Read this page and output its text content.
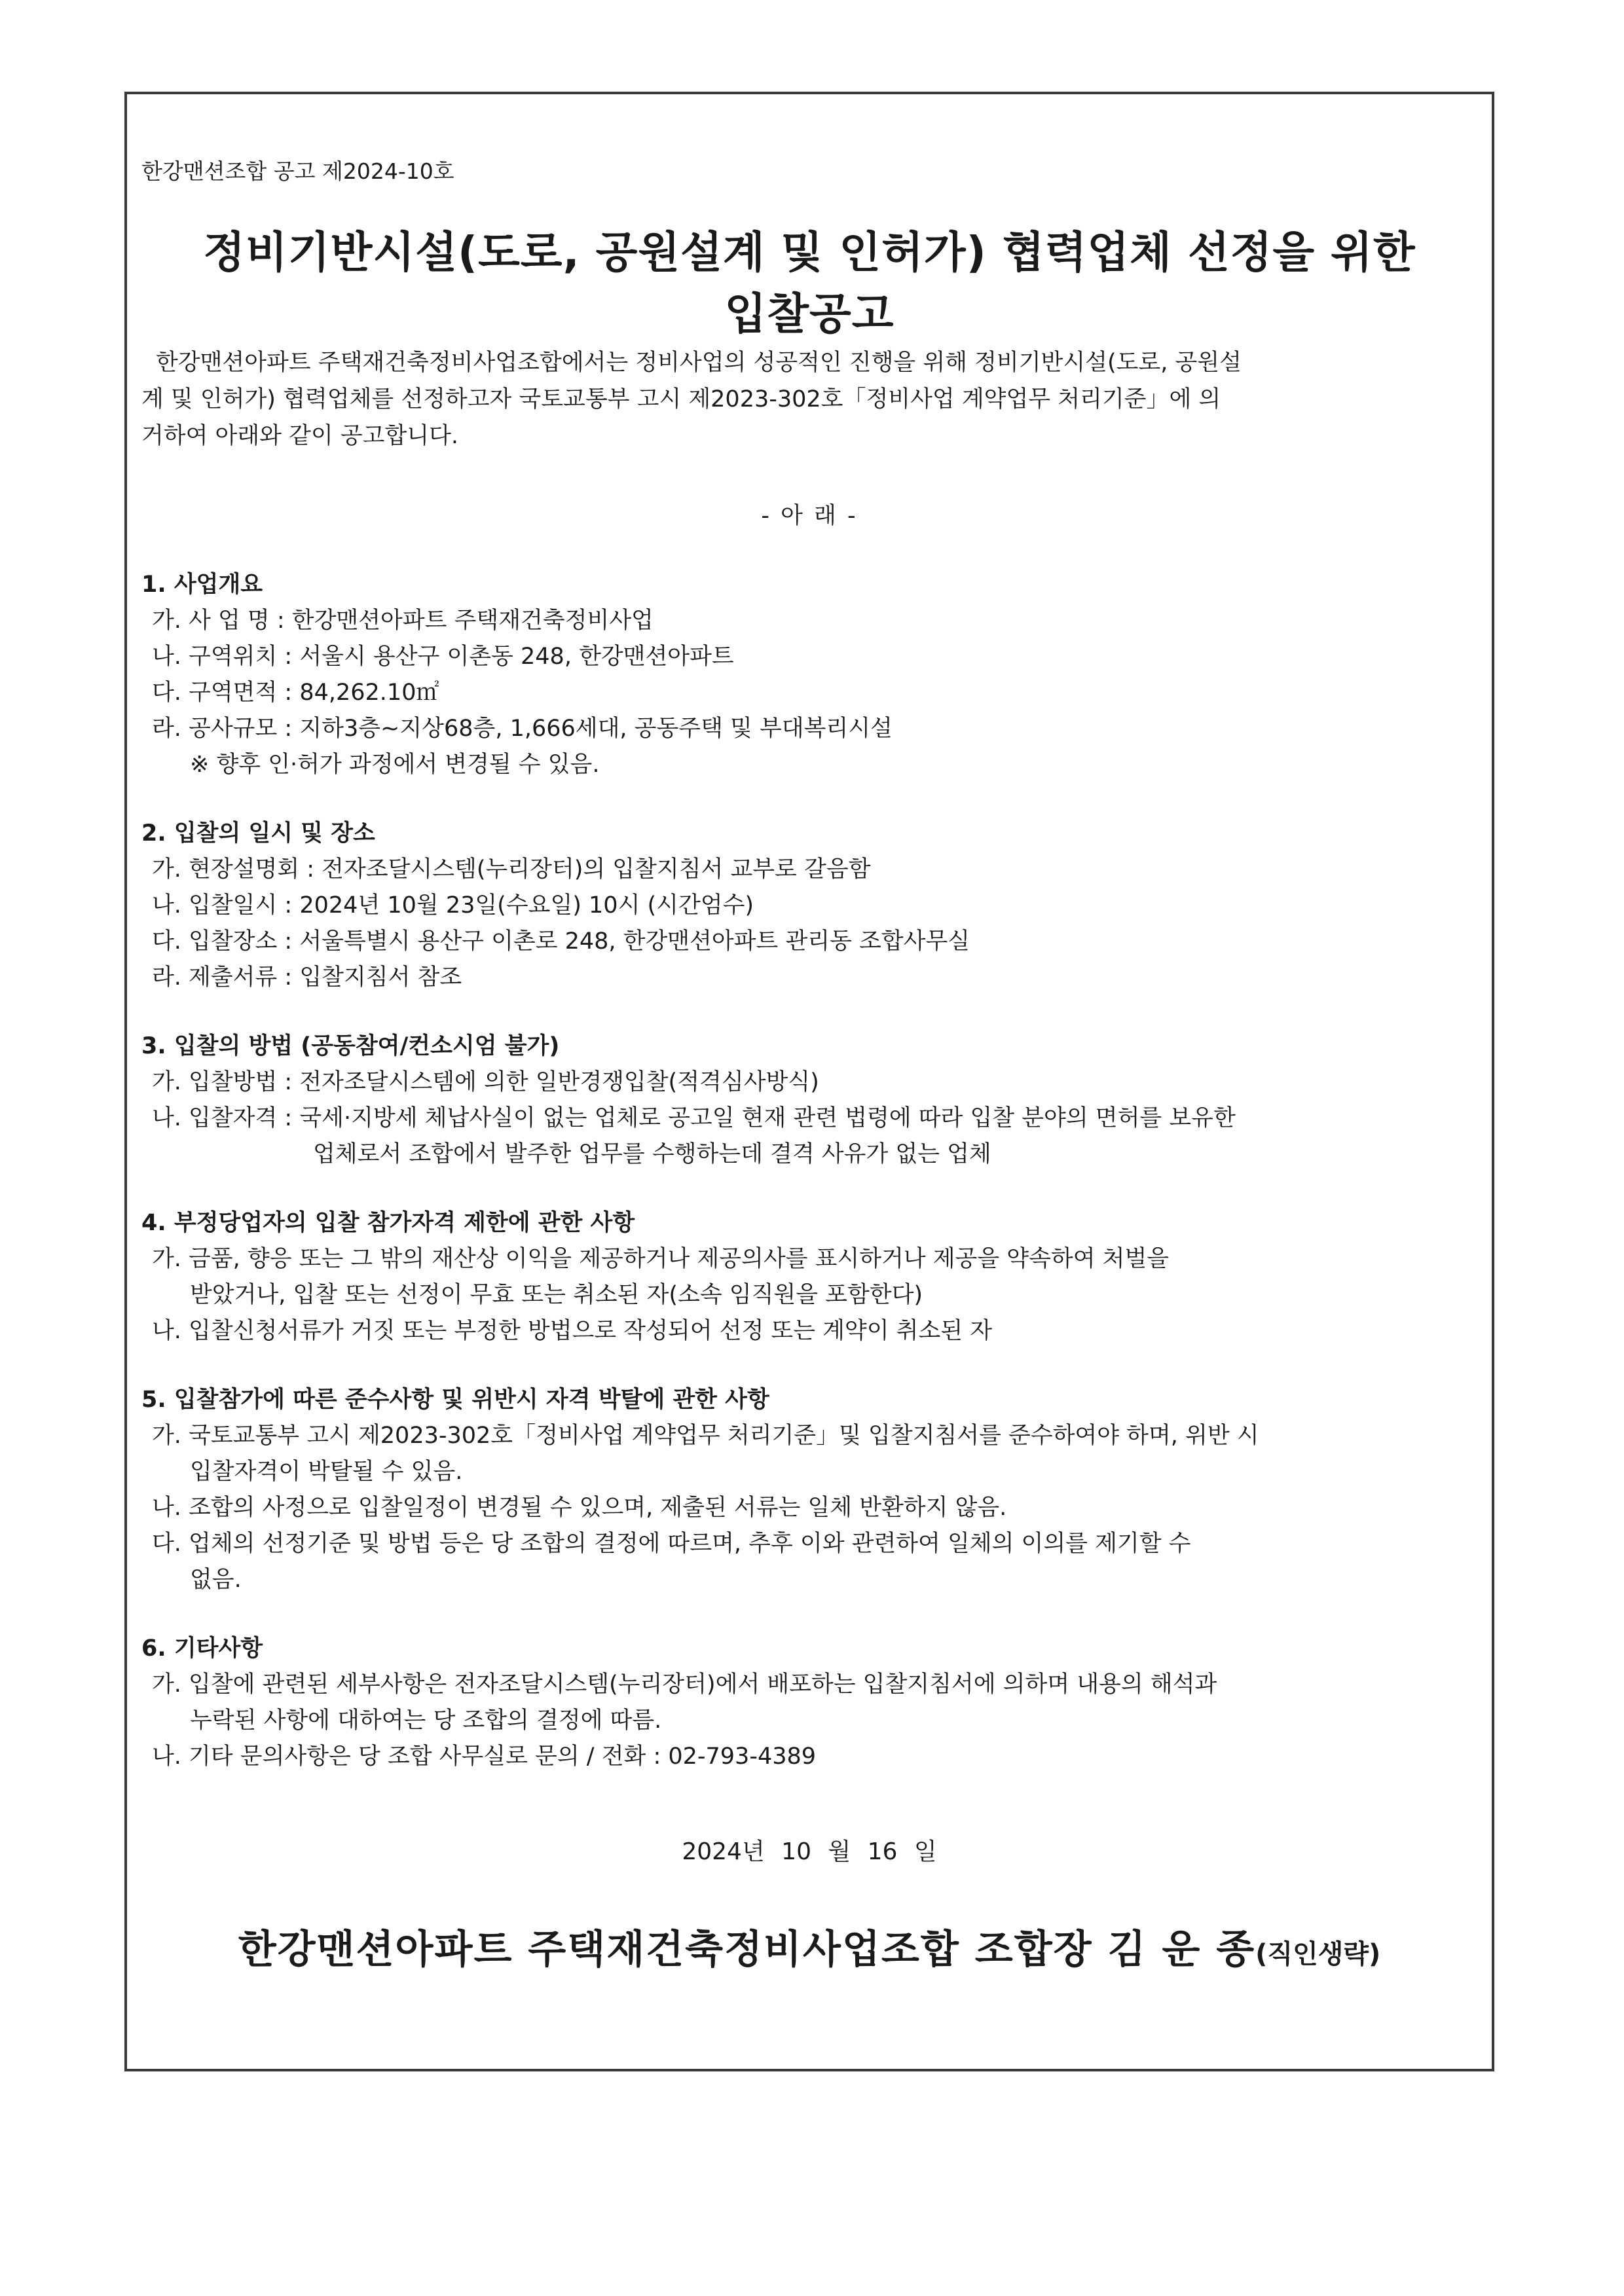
한강맨션조합 공고 제2024-10호
정비기반시설(도로, 공원설계 및 인허가) 협력업체 선정을 위한
입찰공고
한강맨션아파트 주택재건축정비사업조합에서는 정비사업의 성공적인 진행을 위해 정비기반시설(도로, 공원설
계 및 인허가) 협력업체를 선정하고자 국토교통부 고시 제2023-302호「정비사업 계약업무 처리기준」에 의
거하여 아래와 같이 공고합니다.
- 아 래 -
1. 사업개요
가. 사 업 명 : 한강맨션아파트 주택재건축정비사업
나. 구역위치 : 서울시 용산구 이촌동 248, 한강맨션아파트
다. 구역면적 : 84,262.10㎡
라. 공사규모 : 지하3층~지상68층, 1,666세대, 공동주택 및 부대복리시설
※ 향후 인·허가 과정에서 변경될 수 있음.
2. 입찰의 일시 및 장소
가. 현장설명회 : 전자조달시스템(누리장터)의 입찰지침서 교부로 갈음함
나. 입찰일시 : 2024년 10월 23일(수요일) 10시 (시간엄수)
다. 입찰장소 : 서울특별시 용산구 이촌로 248, 한강맨션아파트 관리동 조합사무실
라. 제출서류 : 입찰지침서 참조
3. 입찰의 방법 (공동참여/컨소시엄 불가)
가. 입찰방법 : 전자조달시스템에 의한 일반경쟁입찰(적격심사방식)
나. 입찰자격 : 국세·지방세 체납사실이 없는 업체로 공고일 현재 관련 법령에 따라 입찰 분야의 면허를 보유한
업체로서 조합에서 발주한 업무를 수행하는데 결격 사유가 없는 업체
4. 부정당업자의 입찰 참가자격 제한에 관한 사항
가. 금품, 향응 또는 그 밖의 재산상 이익을 제공하거나 제공의사를 표시하거나 제공을 약속하여 처벌을
받았거나, 입찰 또는 선정이 무효 또는 취소된 자(소속 임직원을 포함한다)
나. 입찰신청서류가 거짓 또는 부정한 방법으로 작성되어 선정 또는 계약이 취소된 자
5. 입찰참가에 따른 준수사항 및 위반시 자격 박탈에 관한 사항
가. 국토교통부 고시 제2023-302호「정비사업 계약업무 처리기준」및 입찰지침서를 준수하여야 하며, 위반 시
입찰자격이 박탈될 수 있음.
나. 조합의 사정으로 입찰일정이 변경될 수 있으며, 제출된 서류는 일체 반환하지 않음.
다. 업체의 선정기준 및 방법 등은 당 조합의 결정에 따르며, 추후 이와 관련하여 일체의 이의를 제기할 수
없음.
6. 기타사항
가. 입찰에 관련된 세부사항은 전자조달시스템(누리장터)에서 배포하는 입찰지침서에 의하며 내용의 해석과
누락된 사항에 대하여는 당 조합의 결정에 따름.
나. 기타 문의사항은 당 조합 사무실로 문의 / 전화 : 02-793-4389
2024년 10 월 16 일
한강맨션아파트 주택재건축정비사업조합 조합장 김 운 종(직인생략)
